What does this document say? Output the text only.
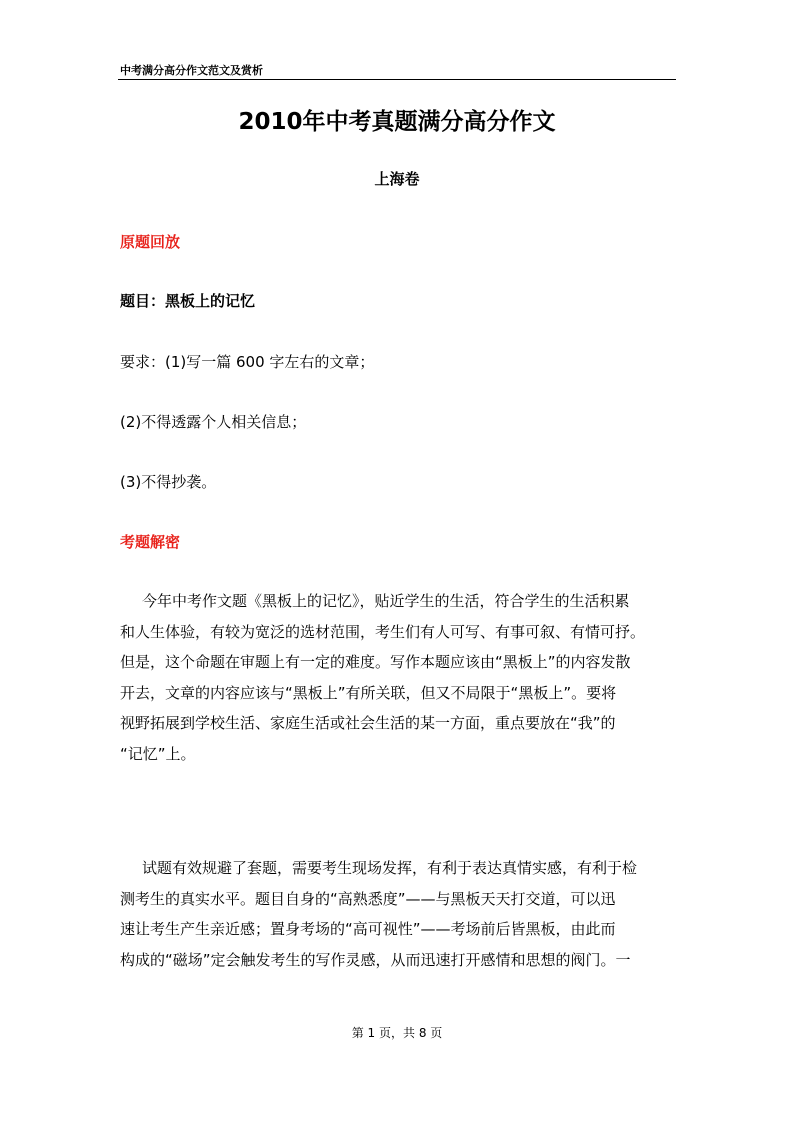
中考满分高分作文范文及赏析
2010年中考真题满分高分作文
上海卷
原题回放
题目：黑板上的记忆
要求：(1)写一篇 600 字左右的文章；
(2)不得透露个人相关信息；
(3)不得抄袭。
考题解密
今年中考作文题《黑板上的记忆》，贴近学生的生活，符合学生的生活积累
和人生体验，有较为宽泛的选材范围，考生们有人可写、有事可叙、有情可抒。
但是，这个命题在审题上有一定的难度。写作本题应该由“黑板上”的内容发散
开去，文章的内容应该与“黑板上”有所关联，但又不局限于“黑板上”。要将
视野拓展到学校生活、家庭生活或社会生活的某一方面，重点要放在“我”的
“记忆”上。
试题有效规避了套题，需要考生现场发挥，有利于表达真情实感，有利于检
测考生的真实水平。题目自身的“高熟悉度”——与黑板天天打交道，可以迅
速让考生产生亲近感；置身考场的“高可视性”——考场前后皆黑板，由此而
构成的“磁场”定会触发考生的写作灵感，从而迅速打开感情和思想的阀门。一
第 1 页，共 8 页
